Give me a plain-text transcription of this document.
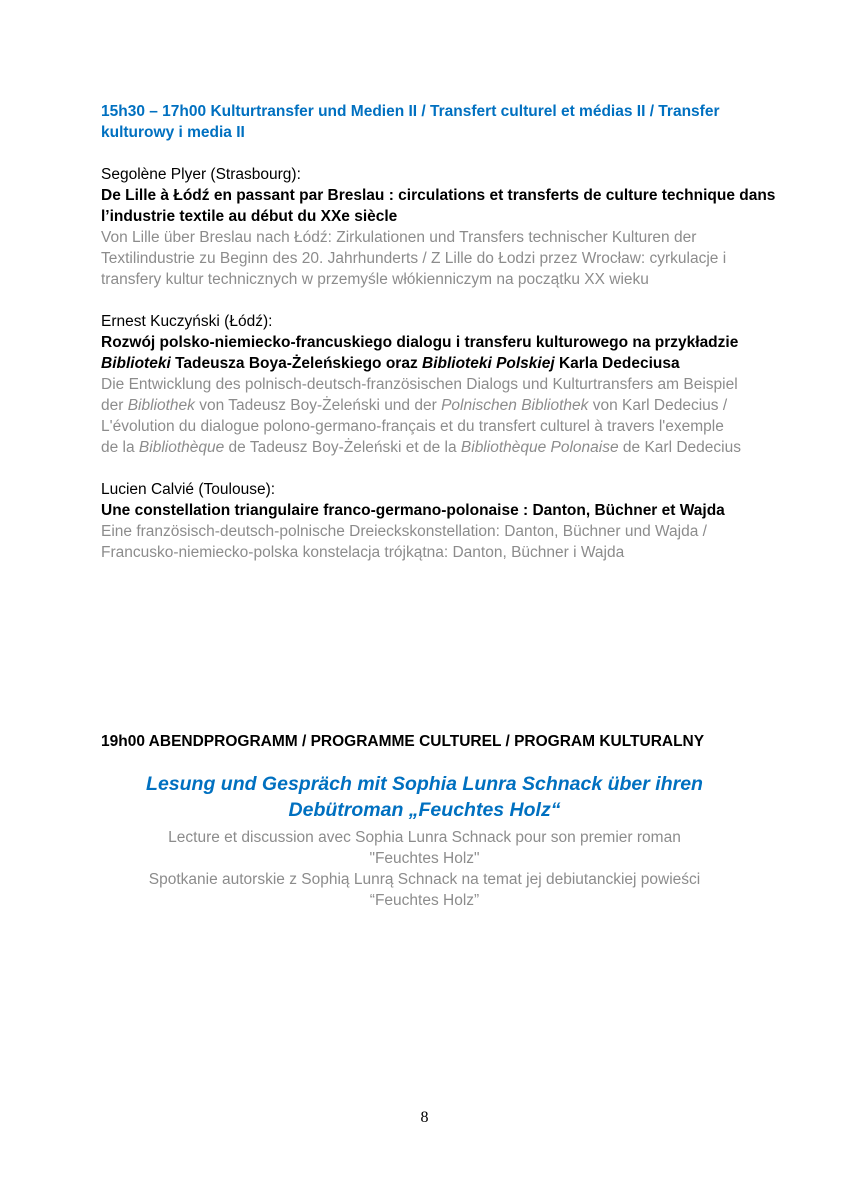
15h30 – 17h00 Kulturtransfer und Medien II / Transfert culturel et médias II / Transfer
kulturowy i media II
Segolène Plyer (Strasbourg):
De Lille à Łódź en passant par Breslau : circulations et transferts de culture technique dans
l’industrie textile au début du XXe siècle
Von Lille über Breslau nach Łódź: Zirkulationen und Transfers technischer Kulturen der
Textilindustrie zu Beginn des 20. Jahrhunderts / Z Lille do Łodzi przez Wrocław: cyrkulacje i
transfery kultur technicznych w przemyśle włókienniczym na początku XX wieku
Ernest Kuczyński (Łódź):
Rozwój polsko-niemiecko-francuskiego dialogu i transferu kulturowego na przykładzie
Biblioteki Tadeusza Boya-Żeleńskiego oraz Biblioteki Polskiej Karla Dedeciusa
Die Entwicklung des polnisch-deutsch-französischen Dialogs und Kulturtransfers am Beispiel
der Bibliothek von Tadeusz Boy-Żeleński und der Polnischen Bibliothek von Karl Dedecius /
L'évolution du dialogue polono-germano-français et du transfert culturel à travers l'exemple
de la Bibliothèque de Tadeusz Boy-Żeleński et de la Bibliothèque Polonaise de Karl Dedecius
Lucien Calvié (Toulouse):
Une constellation triangulaire franco-germano-polonaise : Danton, Büchner et Wajda
Eine französisch-deutsch-polnische Dreieckskonstellation: Danton, Büchner und Wajda /
Francusko-niemiecko-polska konstelacja trójkątna: Danton, Büchner i Wajda
19h00 ABENDPROGRAMM / PROGRAMME CULTUREL / PROGRAM KULTURALNY
Lesung und Gespräch mit Sophia Lunra Schnack über ihren
Debütroman „Feuchtes Holz“
Lecture et discussion avec Sophia Lunra Schnack pour son premier roman
"Feuchtes Holz"
Spotkanie autorskie z Sophią Lunrą Schnack na temat jej debiutanckiej powieści
“Feuchtes Holz”
8
